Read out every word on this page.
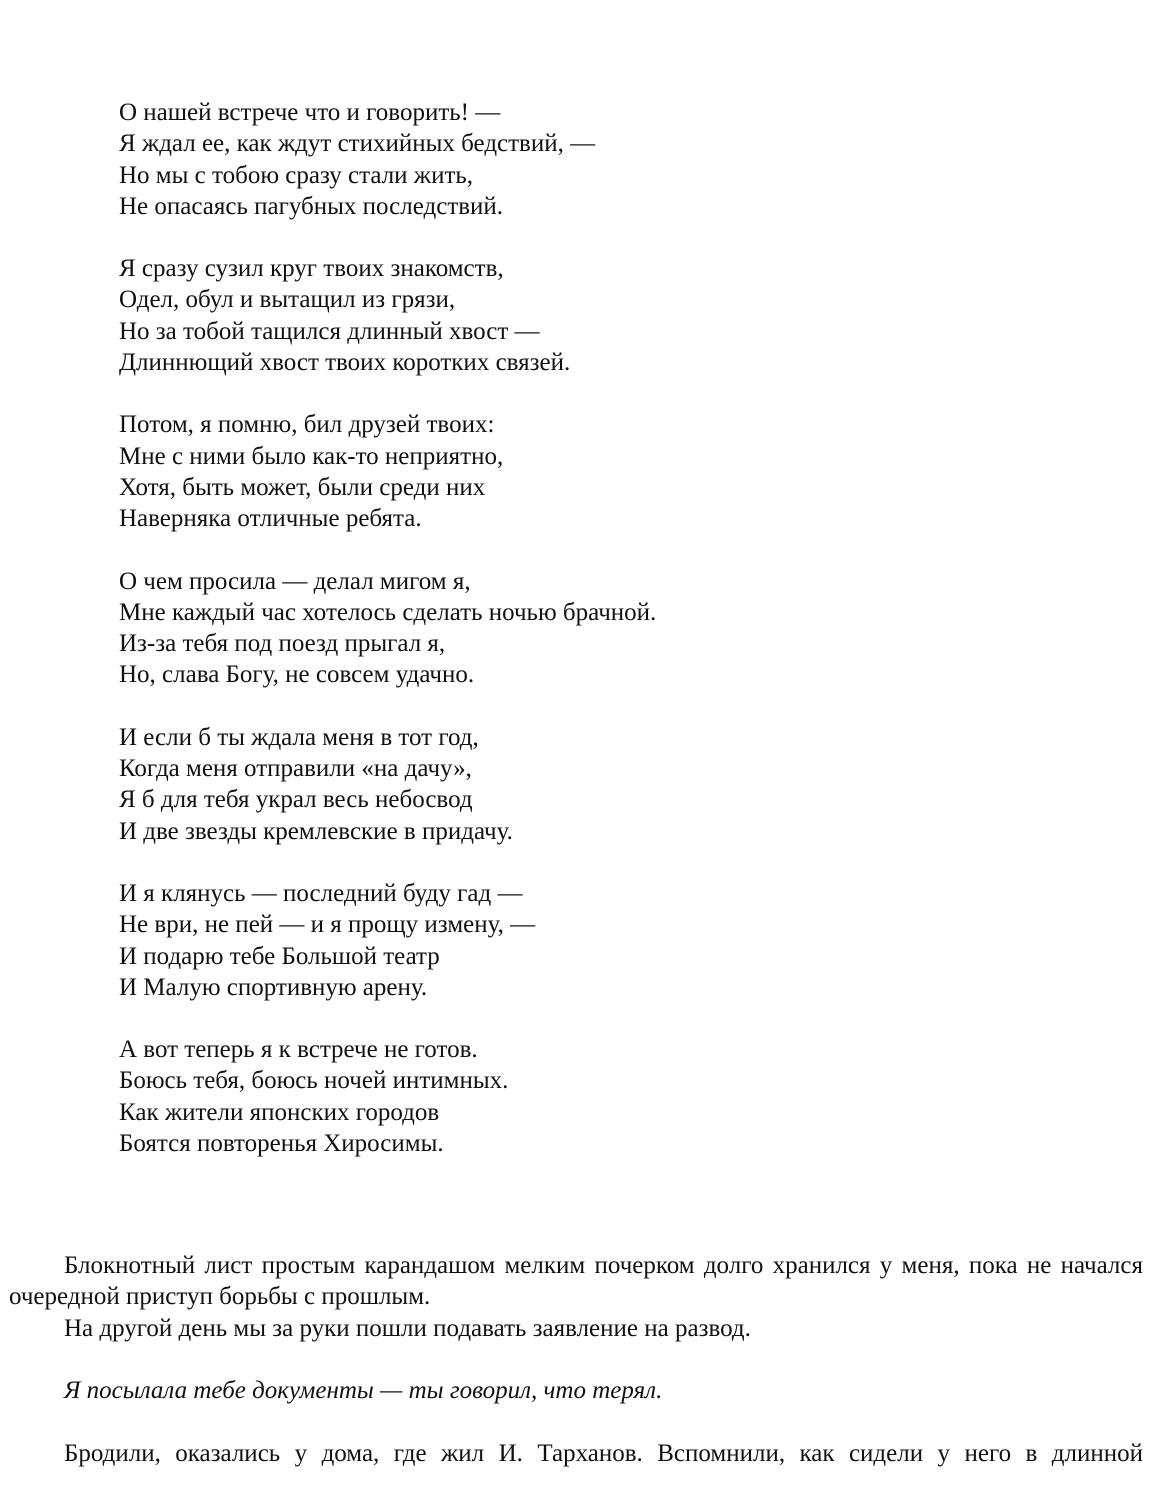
О нашей встрече что и говорить! —
Я ждал ее, как ждут стихийных бедствий, —
Но мы с тобою сразу стали жить,
Не опасаясь пагубных последствий.
Я сразу сузил круг твоих знакомств,
Одел, обул и вытащил из грязи,
Но за тобой тащился длинный хвост —
Длиннющий хвост твоих коротких связей.
Потом, я помню, бил друзей твоих:
Мне с ними было как-то неприятно,
Хотя, быть может, были среди них
Наверняка отличные ребята.
О чем просила — делал мигом я,
Мне каждый час хотелось сделать ночью брачной.
Из-за тебя под поезд прыгал я,
Но, слава Богу, не совсем удачно.
И если б ты ждала меня в тот год,
Когда меня отправили «на дачу»,
Я б для тебя украл весь небосвод
И две звезды кремлевские в придачу.
И я клянусь — последний буду гад —
Не ври, не пей — и я прощу измену, —
И подарю тебе Большой театр
И Малую спортивную арену.
А вот теперь я к встрече не готов.
Боюсь тебя, боюсь ночей интимных.
Как жители японских городов
Боятся повторенья Хиросимы.

Блокнотный лист простым карандашом мелким почерком долго хранился у меня, пока не начался очередной приступ борьбы с прошлым.

На другой день мы за руки пошли подавать заявление на развод.

Я посылала тебе документы — ты говорил, что терял.

Бродили, оказались у дома, где жил И. Тарханов. Вспомнили, как сидели у него в длинной
